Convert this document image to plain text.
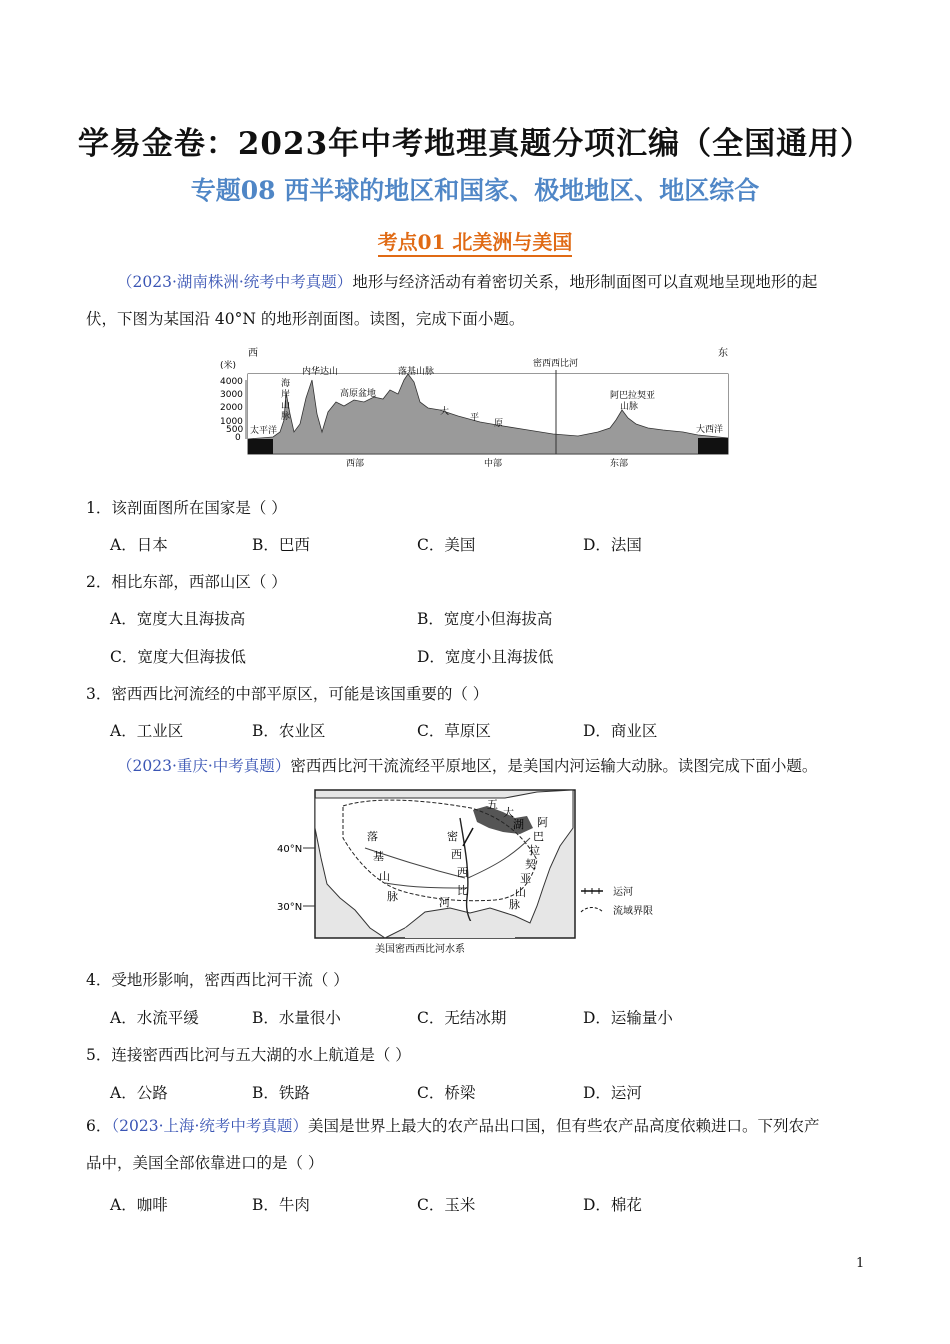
学易金卷：2023年中考地理真题分项汇编（全国通用）
专题08 西半球的地区和国家、极地地区、地区综合
考点01 北美洲与美国
（2023·湖南株洲·统考中考真题）地形与经济活动有着密切关系，地形制面图可以直观地呈现地形的起
伏，下图为某国沿 40°N 的地形剖面图。读图，完成下面小题。
(米)
4000
3000
2000
1000
500
0
西	东
太平洋	大西洋
海
岸
山
脉
内华达山
高原盆地
落基山脉
大
平
原
密西西比河
阿巴拉契亚
山脉
西部	中部	东部
1．该剖面图所在国家是（ ）
A．日本	B．巴西	C．美国	D．法国
2．相比东部，西部山区（ ）
A．宽度大且海拔高	B．宽度小但海拔高
C．宽度大但海拔低	D．宽度小且海拔低
3．密西西比河流经的中部平原区，可能是该国重要的（ ）
A．工业区	B．农业区	C．草原区	D．商业区
（2023·重庆·中考真题）密西西比河干流流经平原地区，是美国内河运输大动脉。读图完成下面小题。
40°N
30°N
落
基
山
脉
密
西
西
比
河
五
大
湖 阿
巴
拉
契
亚
山
脉
运河
流域界限
美国密西西比河水系
4．受地形影响，密西西比河干流（ ）
A．水流平缓	B．水量很小	C．无结冰期	D．运输量小
5．连接密西西比河与五大湖的水上航道是（ ）
A．公路	B．铁路	C．桥梁	D．运河
6．（2023·上海·统考中考真题）美国是世界上最大的农产品出口国，但有些农产品高度依赖进口。下列农产
品中，美国全部依靠进口的是（ ）
A．咖啡	B．牛肉	C．玉米	D．棉花
1
